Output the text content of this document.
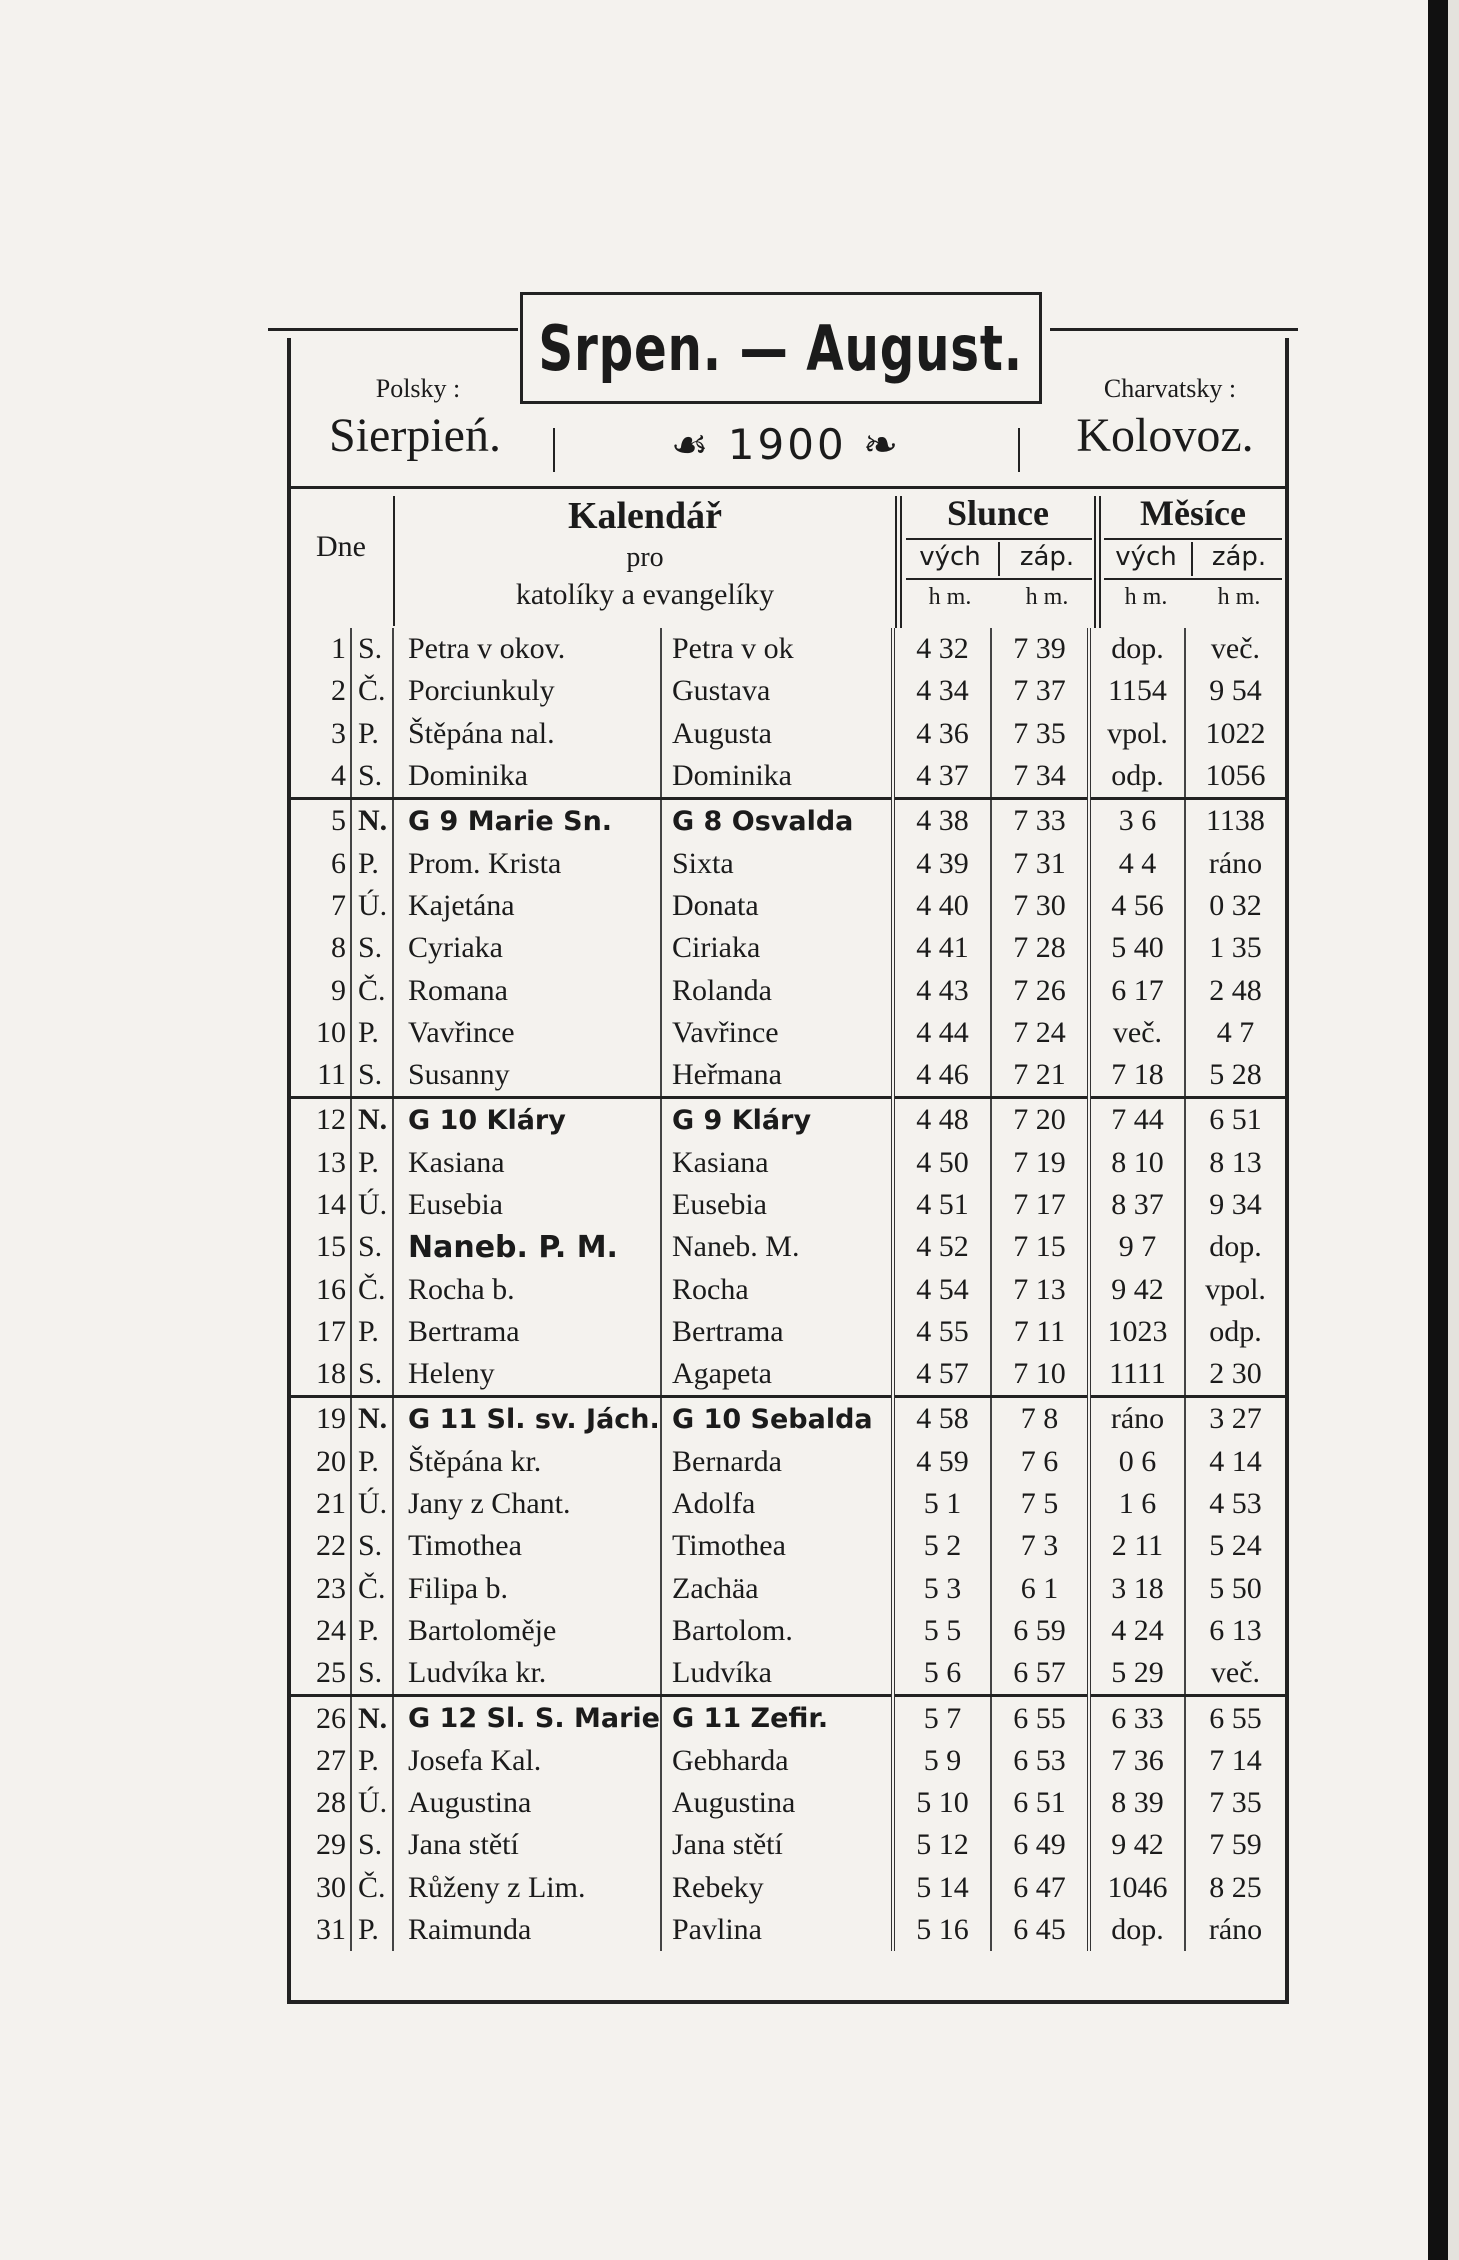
Srpen. — August.
Polsky :
Sierpień.
Charvatsky :
Kolovoz.
☙ 1900 ❧
Dne
Kalendář
pro
katolíky a evangelíky
Slunce
vých	záp.
h m.	h m.
Měsíce
vých	záp.
h m.	h m.
1	S.	Petra v okov.	Petra v ok	4 32	7 39	dop.	več.
2	Č.	Porciunkuly	Gustava	4 34	7 37	1154	9 54
3	P.	Štěpána nal.	Augusta	4 36	7 35	vpol.	1022
4	S.	Dominika	Dominika	4 37	7 34	odp.	1056
5	N.	G 9 Marie Sn.	G 8 Osvalda	4 38	7 33	3 6	1138
6	P.	Prom. Krista	Sixta	4 39	7 31	4 4	ráno
7	Ú.	Kajetána	Donata	4 40	7 30	4 56	0 32
8	S.	Cyriaka	Ciriaka	4 41	7 28	5 40	1 35
9	Č.	Romana	Rolanda	4 43	7 26	6 17	2 48
10	P.	Vavřince	Vavřince	4 44	7 24	več.	4 7
11	S.	Susanny	Heřmana	4 46	7 21	7 18	5 28
12	N.	G 10 Kláry	G 9 Kláry	4 48	7 20	7 44	6 51
13	P.	Kasiana	Kasiana	4 50	7 19	8 10	8 13
14	Ú.	Eusebia	Eusebia	4 51	7 17	8 37	9 34
15	S.	Naneb. P. M.	Naneb. M.	4 52	7 15	9 7	dop.
16	Č.	Rocha b.	Rocha	4 54	7 13	9 42	vpol.
17	P.	Bertrama	Bertrama	4 55	7 11	1023	odp.
18	S.	Heleny	Agapeta	4 57	7 10	1111	2 30
19	N.	G 11 Sl. sv. Jách.	G 10 Sebalda	4 58	7 8	ráno	3 27
20	P.	Štěpána kr.	Bernarda	4 59	7 6	0 6	4 14
21	Ú.	Jany z Chant.	Adolfa	5 1	7 5	1 6	4 53
22	S.	Timothea	Timothea	5 2	7 3	2 11	5 24
23	Č.	Filipa b.	Zachäa	5 3	6 1	3 18	5 50
24	P.	Bartoloměje	Bartolom.	5 5	6 59	4 24	6 13
25	S.	Ludvíka kr.	Ludvíka	5 6	6 57	5 29	več.
26	N.	G 12 Sl. S. Marie	G 11 Zefir.	5 7	6 55	6 33	6 55
27	P.	Josefa Kal.	Gebharda	5 9	6 53	7 36	7 14
28	Ú.	Augustina	Augustina	5 10	6 51	8 39	7 35
29	S.	Jana stětí	Jana stětí	5 12	6 49	9 42	7 59
30	Č.	Růženy z Lim.	Rebeky	5 14	6 47	1046	8 25
31	P.	Raimunda	Pavlina	5 16	6 45	dop.	ráno
